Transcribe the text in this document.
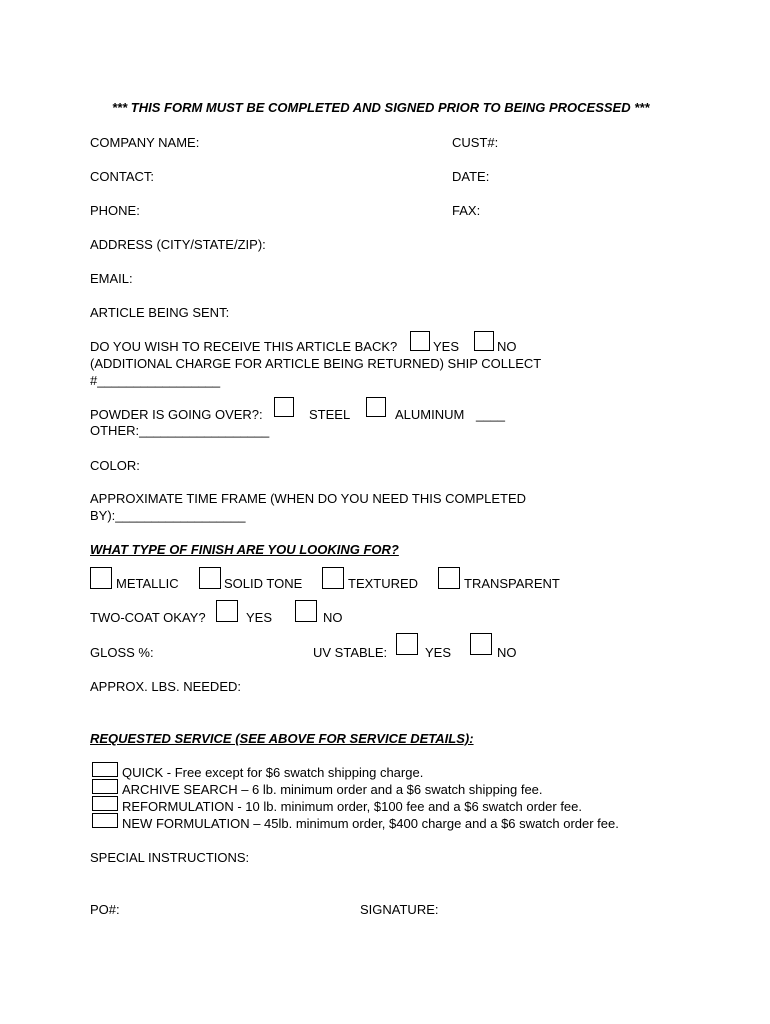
*** THIS FORM MUST BE COMPLETED AND SIGNED PRIOR TO BEING PROCESSED ***
COMPANY NAME:	CUST#:
CONTACT:	DATE:
PHONE:	FAX:
ADDRESS (CITY/STATE/ZIP):
EMAIL:
ARTICLE BEING SENT:
DO YOU WISH TO RECEIVE THIS ARTICLE BACK?	YES	NO
(ADDITIONAL CHARGE FOR ARTICLE BEING RETURNED) SHIP COLLECT
#_________________
POWDER IS GOING OVER?:	STEEL	ALUMINUM ____
OTHER:__________________
COLOR:
APPROXIMATE TIME FRAME (WHEN DO YOU NEED THIS COMPLETED
BY):__________________
WHAT TYPE OF FINISH ARE YOU LOOKING FOR?
METALLIC	SOLID TONE	TEXTURED	TRANSPARENT
TWO-COAT OKAY?	YES	NO
GLOSS %:	UV STABLE:	YES	NO
APPROX. LBS. NEEDED:
REQUESTED SERVICE (SEE ABOVE FOR SERVICE DETAILS):
QUICK - Free except for $6 swatch shipping charge.
ARCHIVE SEARCH – 6 lb. minimum order and a $6 swatch shipping fee.
REFORMULATION - 10 lb. minimum order, $100 fee and a $6 swatch order fee.
NEW FORMULATION – 45lb. minimum order, $400 charge and a $6 swatch order fee.
SPECIAL INSTRUCTIONS:
PO#:	SIGNATURE:
